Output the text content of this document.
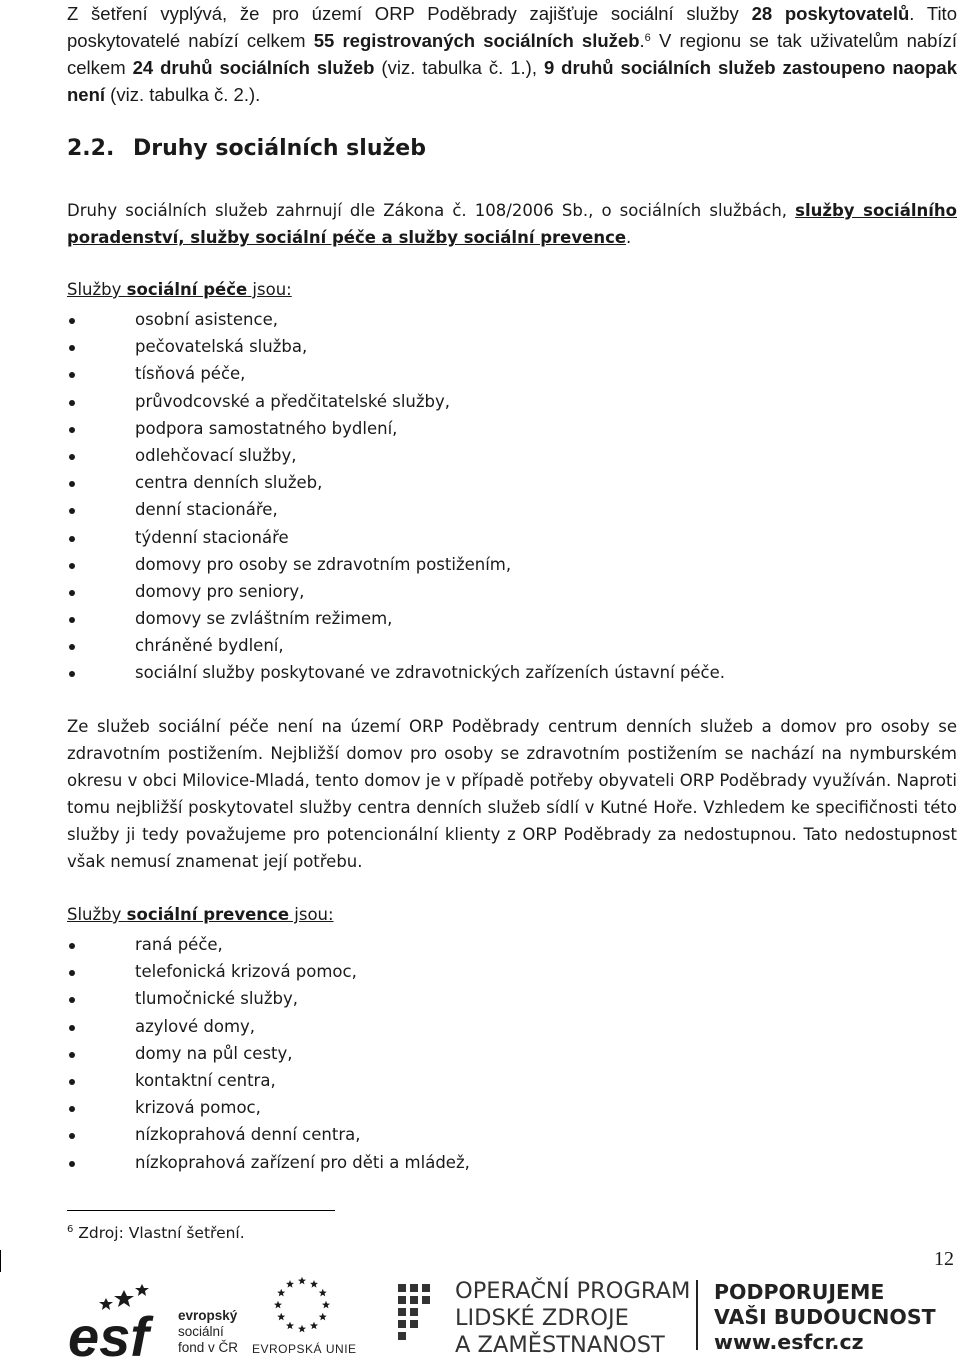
Z šetření vyplývá, že pro území ORP Poděbrady zajišťuje sociální služby 28 poskytovatelů. Tito poskytovatelé nabízí celkem 55 registrovaných sociálních služeb.$^6$ V regionu se tak uživatelům nabízí celkem 24 druhů sociálních služeb (viz. tabulka č. 1.), 9 druhů sociálních služeb zastoupeno naopak není (viz. tabulka č. 2.).
2.2. Druhy sociálních služeb
Druhy sociálních služeb zahrnují dle Zákona č. 108/2006 Sb., o sociálních službách, služby sociálního poradenství, služby sociální péče a služby sociální prevence.
Služby sociální péče jsou:
osobní asistence,
pečovatelská služba,
tísňová péče,
průvodcovské a předčitatelské služby,
podpora samostatného bydlení,
odlehčovací služby,
centra denních služeb,
denní stacionáře,
týdenní stacionáře
domovy pro osoby se zdravotním postižením,
domovy pro seniory,
domovy se zvláštním režimem,
chráněné bydlení,
sociální služby poskytované ve zdravotnických zařízeních ústavní péče.
Ze služeb sociální péče není na území ORP Poděbrady centrum denních služeb a domov pro osoby se zdravotním postižením. Nejbližší domov pro osoby se zdravotním postižením se nachází na nymburském okresu v obci Milovice-Mladá, tento domov je v případě potřeby obyvateli ORP Poděbrady využíván. Naproti tomu nejbližší poskytovatel služby centra denních služeb sídlí v Kutné Hoře. Vzhledem ke specifičnosti této služby ji tedy považujeme pro potencionální klienty z ORP Poděbrady za nedostupnou. Tato nedostupnost však nemusí znamenat její potřebu.
Služby sociální prevence jsou:
raná péče,
telefonická krizová pomoc,
tlumočnické služby,
azylové domy,
domy na půl cesty,
kontaktní centra,
krizová pomoc,
nízkoprahová denní centra,
nízkoprahová zařízení pro děti a mládež,
$^6$ Zdroj: Vlastní šetření.
12
esf	evropský
sociální
fond v ČR EVROPSKÁ UNIE
OPERAČNÍ PROGRAM
LIDSKÉ ZDROJE
A ZAMĚSTNANOST
PODPORUJEME
VAŠI BUDOUCNOST
www.esfcr.cz
